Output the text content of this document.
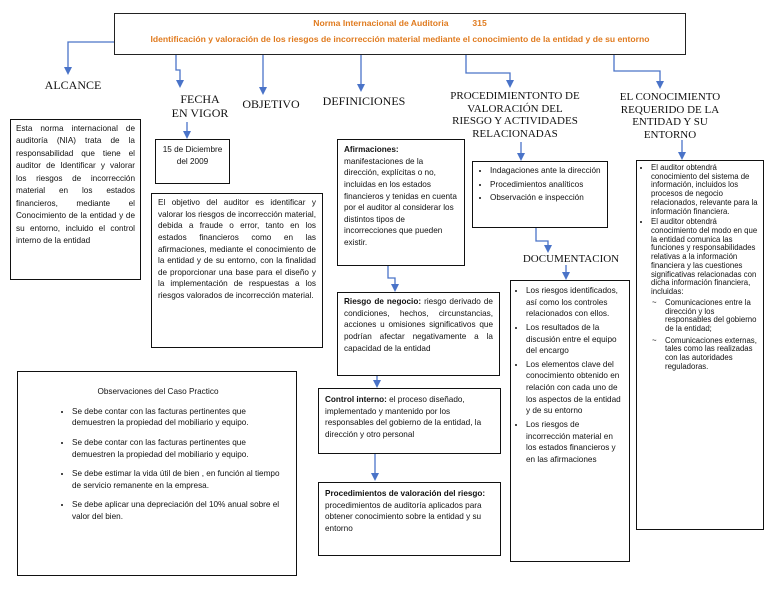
Norma Internacional de Auditoria          315
Identificación y valoración de los riesgos de incorrección material mediante el conocimiento de la entidad y de su entorno
ALCANCE
FECHA
EN VIGOR
OBJETIVO	DEFINICIONES	PROCEDIMIENTONTO DE
VALORACIÓN DEL
RIESGO Y ACTIVIDADES
RELACIONADAS
EL CONOCIMIENTO
REQUERIDO DE LA
ENTIDAD Y SU
ENTORNO
DOCUMENTACION

Esta norma internacional de auditoría (NIA) trata de la responsabilidad que tiene el auditor de Identificar y valorar los riesgos de incorrección material en los estados financieros, mediante el Conocimiento de la entidad y de su entorno, incluido el control interno de la entidad

15 de Diciembre del 2009

El objetivo del auditor es identificar y valorar los riesgos de incorrección material, debida a fraude o error, tanto en los estados financieros como en las afirmaciones, mediante el conocimiento de la entidad y de su entorno, con la finalidad de proporcionar una base para el diseño y la implementación de respuestas a los riesgos valorados de incorrección material.

Afirmaciones:

manifestaciones de la dirección, explícitas o no, incluidas en los estados financieros y tenidas en cuenta por el auditor al considerar los distintos tipos de incorrecciones que pueden existir.

Riesgo de negocio: riesgo derivado de condiciones, hechos, circunstancias, acciones u omisiones significativos que podrían afectar negativamente a la capacidad de la entidad

Control interno: el proceso diseñado, implementado y mantenido por los responsables del gobierno de la entidad, la dirección y otro personal

Procedimientos de valoración del riesgo: procedimientos de auditoría aplicados para obtener conocimiento sobre la entidad y su entorno

• Indagaciones ante la dirección
• Procedimientos analíticos
• Observación e inspección
• Los riesgos identificados, así como los controles relacionados con ellos.
• Los resultados de la discusión entre el equipo del encargo
• Los elementos clave del conocimiento obtenido en relación con cada uno de los aspectos de la entidad y de su entorno
• Los riesgos de incorrección material en los estados financieros y en las afirmaciones
• El auditor obtendrá conocimiento del sistema de información, incluidos los procesos de negocio relacionados, relevante para la información financiera.
• El auditor obtendrá conocimiento del modo en que la entidad comunica las funciones y responsabilidades relativas a la información financiera y las cuestiones significativas relacionadas con dicha información financiera, incluidas:
~ Comunicaciones entre la dirección y los responsables del gobierno de la entidad;
~ Comunicaciones externas, tales como las realizadas con las autoridades reguladoras.

Observaciones del Caso Practico

• Se debe contar con las facturas pertinentes que demuestren la propiedad del mobiliario y equipo.
• Se debe contar con las facturas pertinentes que demuestren la propiedad del mobiliario y equipo.
• Se debe estimar la vida útil de bien , en función al tiempo de servicio remanente en la empresa.
• Se debe aplicar una depreciación del 10% anual sobre el valor del bien.
